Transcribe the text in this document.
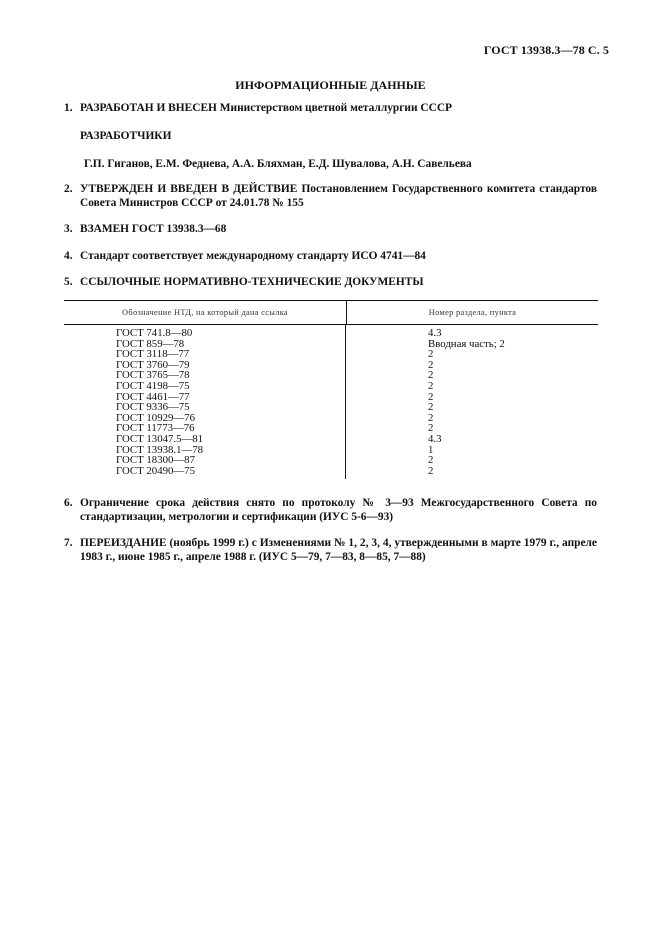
ГОСТ 13938.3—78 С. 5
ИНФОРМАЦИОННЫЕ ДАННЫЕ
1. РАЗРАБОТАН И ВНЕСЕН Министерством цветной металлургии СССР
РАЗРАБОТЧИКИ
Г.П. Гиганов, Е.М. Феднева, А.А. Бляхман, Е.Д. Шувалова, А.Н. Савельева
2. УТВЕРЖДЕН И ВВЕДЕН В ДЕЙСТВИЕ Постановлением Государственного комитета стандартов Совета Министров СССР от 24.01.78 № 155
3. ВЗАМЕН ГОСТ 13938.3—68
4. Стандарт соответствует международному стандарту ИСО 4741—84
5. ССЫЛОЧНЫЕ НОРМАТИВНО-ТЕХНИЧЕСКИЕ ДОКУМЕНТЫ
Обозначение НТД, на который дана ссылка	Номер раздела, пункта
ГОСТ 741.8—80
ГОСТ 859—78
ГОСТ 3118—77
ГОСТ 3760—79
ГОСТ 3765—78
ГОСТ 4198—75
ГОСТ 4461—77
ГОСТ 9336—75
ГОСТ 10929—76
ГОСТ 11773—76
ГОСТ 13047.5—81
ГОСТ 13938.1—78
ГОСТ 18300—87
ГОСТ 20490—75
4.3
Вводная часть; 2
2
2
2
2
2
2
2
2
4.3
1
2
2
6. Ограничение срока действия снято по протоколу № 3—93 Межгосударственного Совета по стандартизации, метрологии и сертификации (ИУС 5-6—93)
7. ПЕРЕИЗДАНИЕ (ноябрь 1999 г.) с Изменениями № 1, 2, 3, 4, утвержденными в марте 1979 г., апреле 1983 г., июне 1985 г., апреле 1988 г. (ИУС 5—79, 7—83, 8—85, 7—88)
